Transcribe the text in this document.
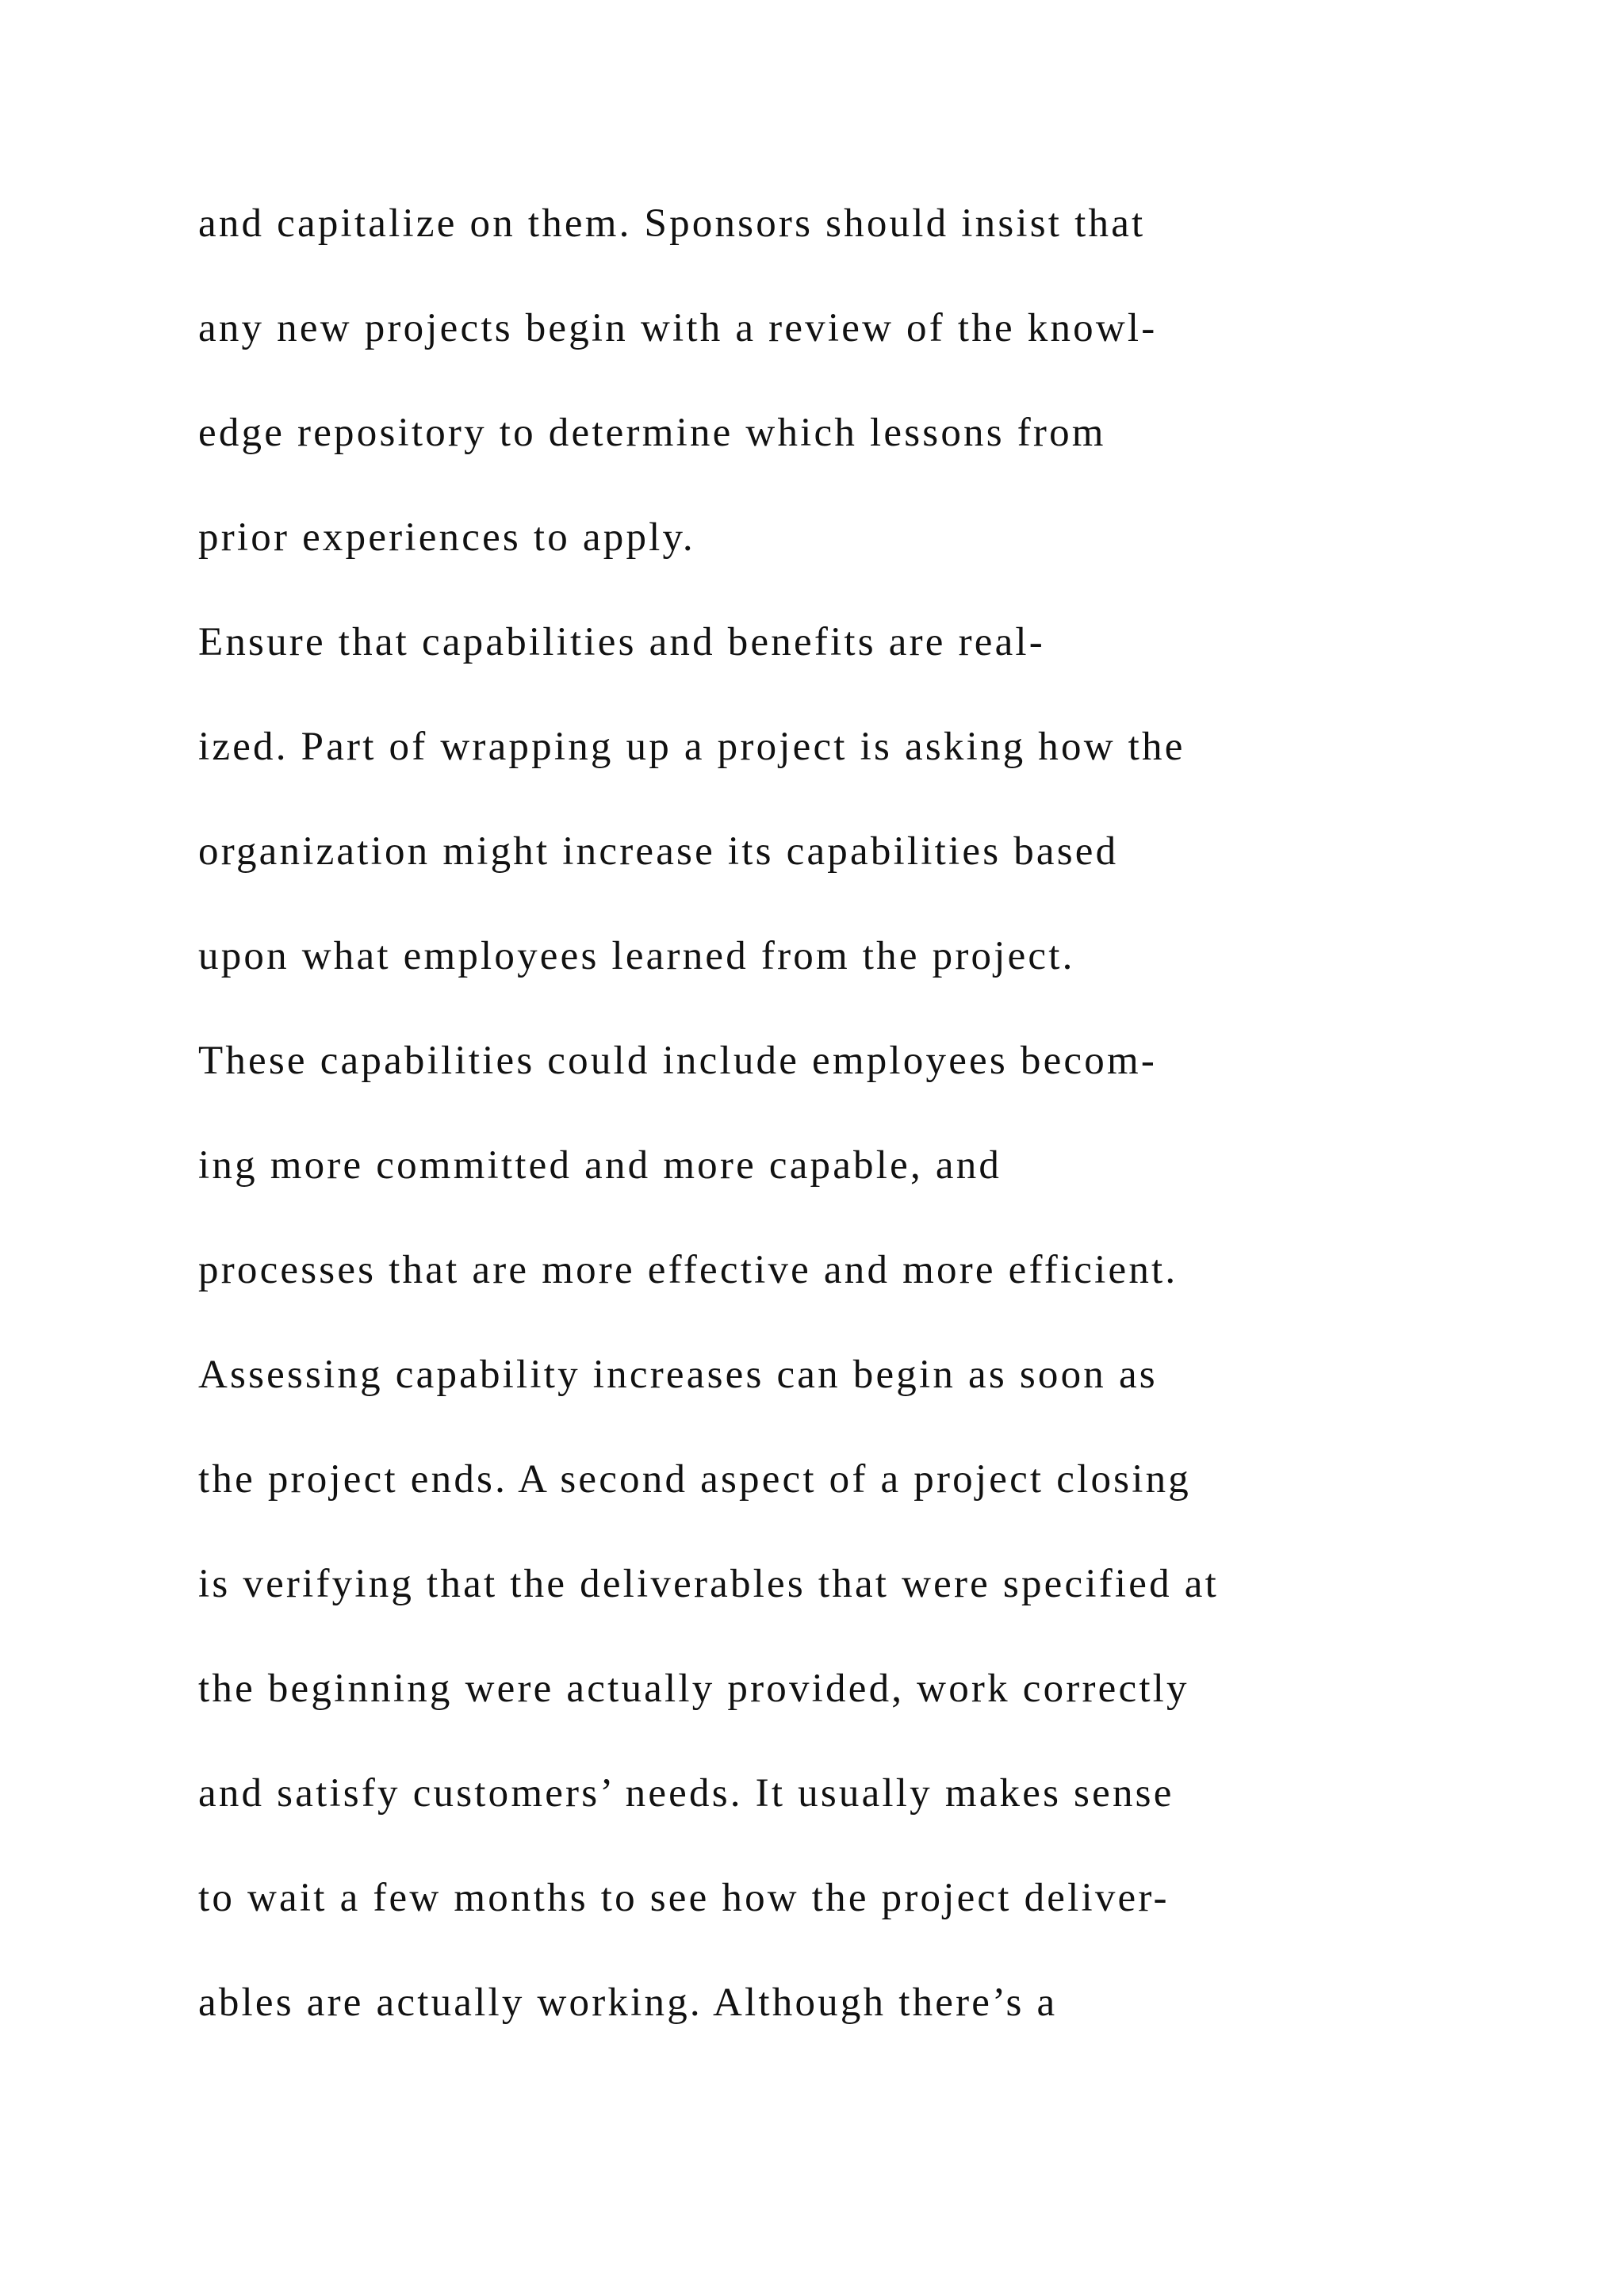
and capitalize on them. Sponsors should insist that
any new projects begin with a review of the knowl-
edge repository to determine which lessons from
prior experiences to apply.
Ensure that capabilities and benefits are real-
ized. Part of wrapping up a project is asking how the
organization might increase its capabilities based
upon what employees learned from the project.
These capabilities could include employees becom-
ing more committed and more capable, and
processes that are more effective and more efficient.
Assessing capability increases can begin as soon as
the project ends. A second aspect of a project closing
is verifying that the deliverables that were specified at
the beginning were actually provided, work correctly
and satisfy customers’ needs. It usually makes sense
to wait a few months to see how the project deliver-
ables are actually working. Although there’s a
